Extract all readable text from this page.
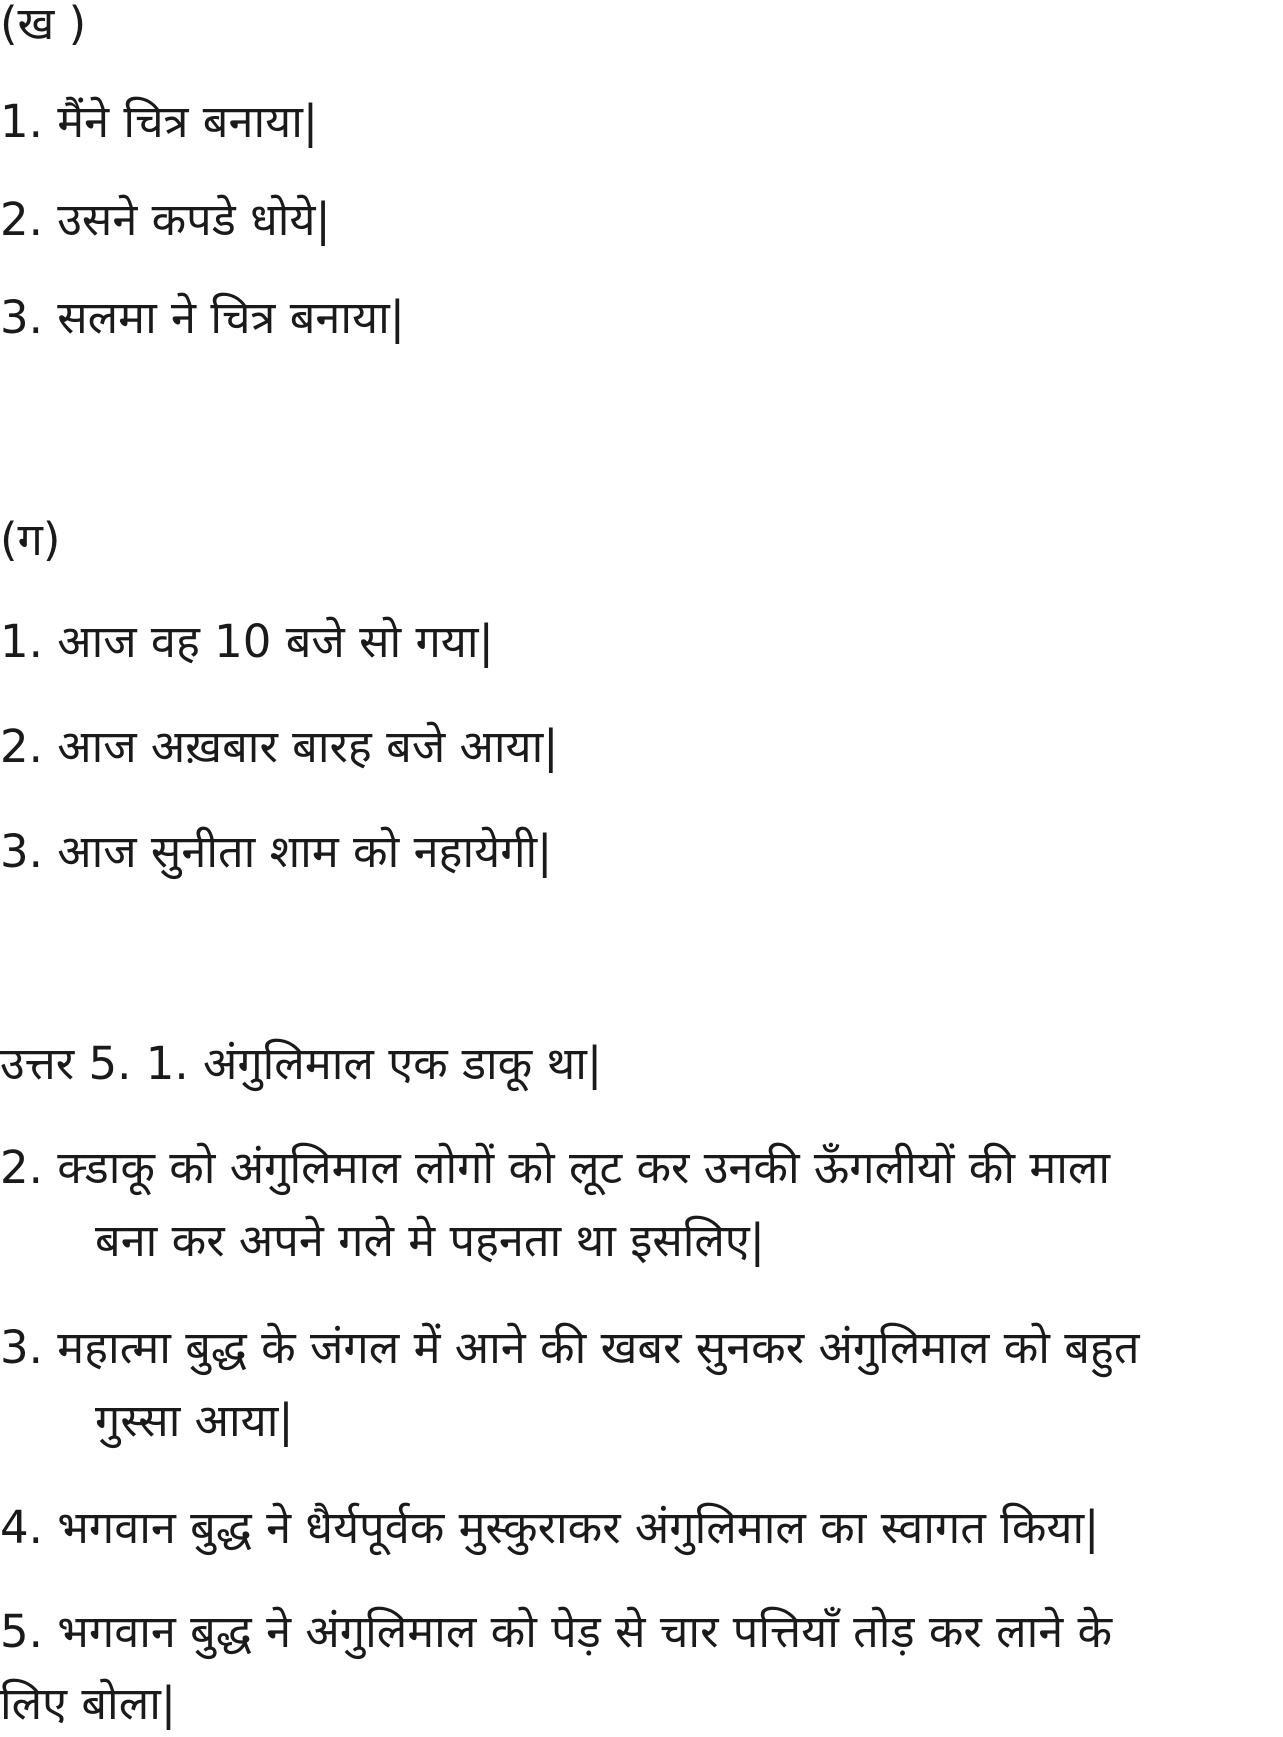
(ख )

1. मैंने चित्र बनाया|

2. उसने कपडे धोये|

3. सलमा ने चित्र बनाया|

(ग)

1. आज वह 10 बजे सो गया|

2. आज अख़बार बारह बजे आया|

3. आज सुनीता शाम को नहायेगी|

उत्तर 5. 1. अंगुलिमाल एक डाकू था|

2. क्डाकू को अंगुलिमाल लोगों को लूट कर उनकी ऊँगलीयों की माला

बना कर अपने गले मे पहनता था इसलिए|

3. महात्मा बुद्ध के जंगल में आने की खबर सुनकर अंगुलिमाल को बहुत

गुस्सा आया|

4. भगवान बुद्ध ने धैर्यपूर्वक मुस्कुराकर अंगुलिमाल का स्वागत किया|

5. भगवान बुद्ध ने अंगुलिमाल को पेड़ से चार पत्तियाँ तोड़ कर लाने के

लिए बोला|
